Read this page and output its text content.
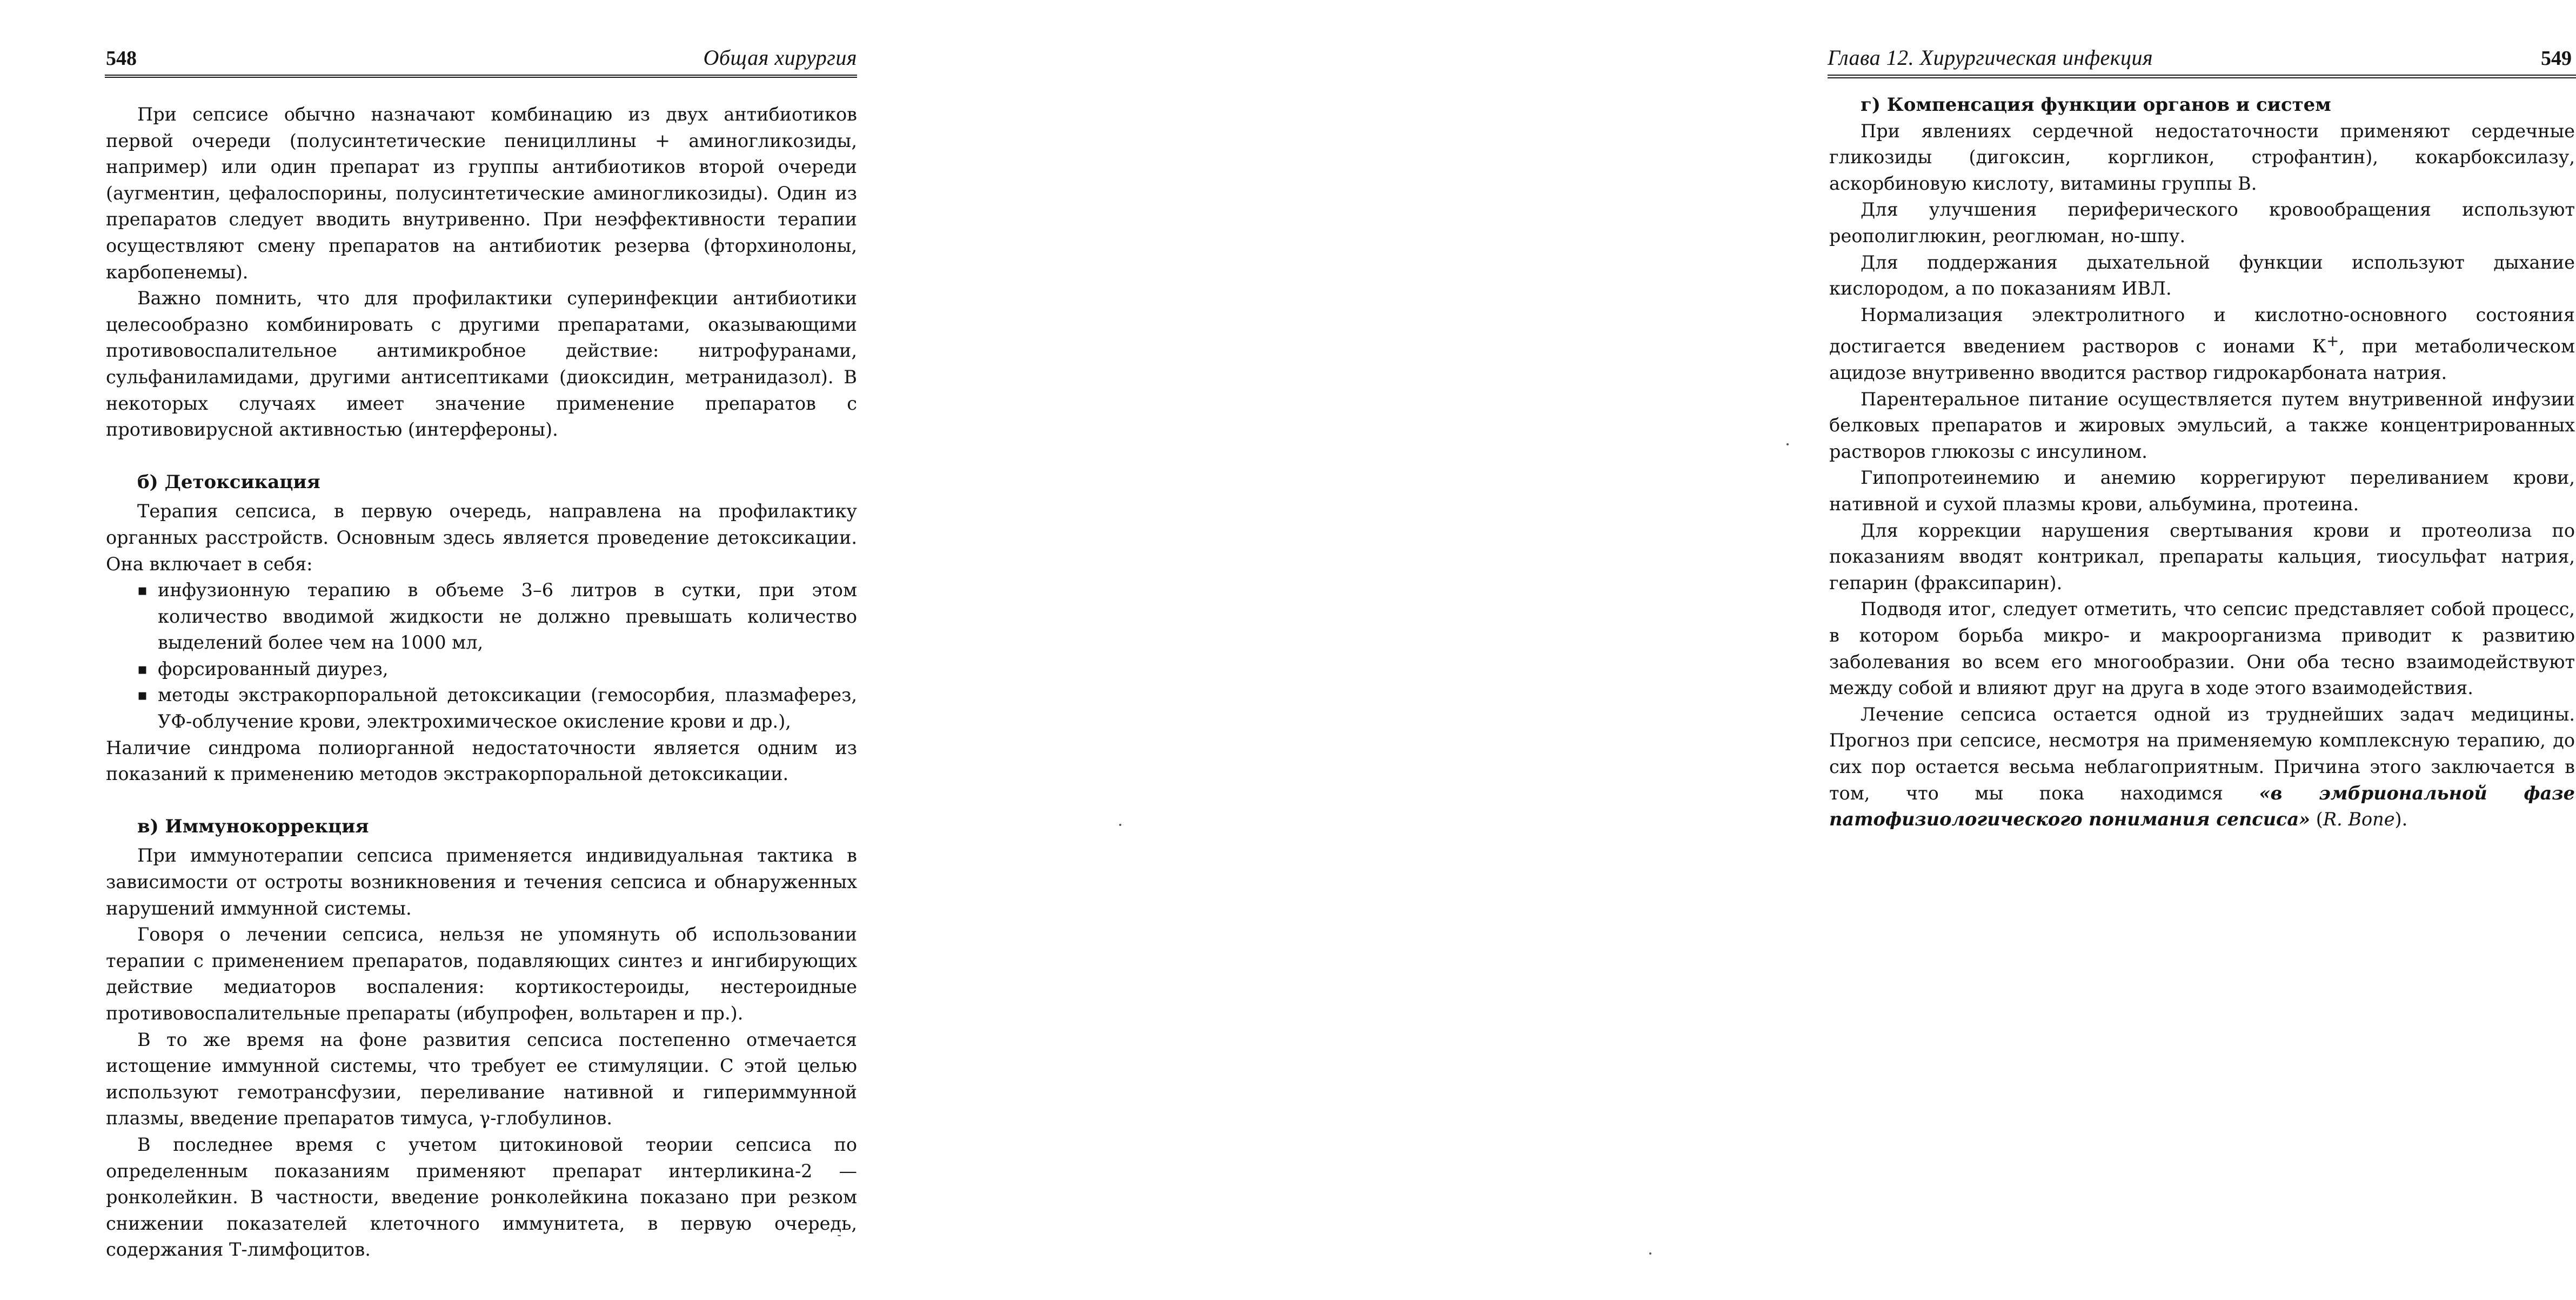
548	Общая хирургия

При сепсисе обычно назначают комбинацию из двух антибиотиков первой очереди (полусинтетические пенициллины + аминогликозиды, например) или один препарат из группы антибиотиков второй очереди (аугментин, цефалоспорины, полусинтетические аминогликозиды). Один из препаратов следует вводить внутривенно. При неэффективности терапии осуществляют смену препаратов на антибиотик резерва (фторхинолоны, карбопенемы).

Важно помнить, что для профилактики суперинфекции антибиотики целесообразно комбинировать с другими препаратами, оказывающими противовоспалительное антимикробное действие: нитрофуранами, сульфаниламидами, другими антисептиками (диоксидин, метранидазол). В некоторых случаях имеет значение применение препаратов с противовирусной активностью (интерфероны).

б) Детоксикация

Терапия сепсиса, в первую очередь, направлена на профилактику органных расстройств. Основным здесь является проведение детоксикации. Она включает в себя:

▪ инфузионную терапию в объеме 3–6 литров в сутки, при этом количество вводимой жидкости не должно превышать количество выделений более чем на 1000 мл,
▪ форсированный диурез,
▪ методы экстракорпоральной детоксикации (гемосорбия, плазмаферез, УФ-облучение крови, электрохимическое окисление крови и др.),

Наличие синдрома полиорганной недостаточности является одним из показаний к применению методов экстракорпоральной детоксикации.

в) Иммунокоррекция

При иммунотерапии сепсиса применяется индивидуальная тактика в зависимости от остроты возникновения и течения сепсиса и обнаруженных нарушений иммунной системы.

Говоря о лечении сепсиса, нельзя не упомянуть об использовании терапии с применением препаратов, подавляющих синтез и ингибирующих действие медиаторов воспаления: кортикостероиды, нестероидные противовоспалительные препараты (ибупрофен, вольтарен и пр.).

В то же время на фоне развития сепсиса постепенно отмечается истощение иммунной системы, что требует ее стимуляции. С этой целью используют гемотрансфузии, переливание нативной и гипериммунной плазмы, введение препаратов тимуса, γ-глобулинов.

В последнее время с учетом цитокиновой теории сепсиса по определенным показаниям применяют препарат интерликина-2 — ронколейкин. В частности, введение ронколейкина показано при резком снижении показателей клеточного иммунитета, в первую очередь, содержания Т-лимфоцитов.

Глава 12. Хирургическая инфекция	549
г) Компенсация функции органов и систем

При явлениях сердечной недостаточности применяют сердечные гликозиды (дигоксин, коргликон, строфантин), кокарбоксилазу, аскорбиновую кислоту, витамины группы В.

Для улучшения периферического кровообращения используют реополиглюкин, реоглюман, но-шпу.

Для поддержания дыхательной функции используют дыхание кислородом, а по показаниям ИВЛ.

Нормализация электролитного и кислотно-основного состояния достигается введением растворов с ионами К+, при метаболическом ацидозе внутривенно вводится раствор гидрокарбоната натрия.

Парентеральное питание осуществляется путем внутривенной инфузии белковых препаратов и жировых эмульсий, а также концентрированных растворов глюкозы с инсулином.

Гипопротеинемию и анемию коррегируют переливанием крови, нативной и сухой плазмы крови, альбумина, протеина.

Для коррекции нарушения свертывания крови и протеолиза по показаниям вводят контрикал, препараты кальция, тиосульфат натрия, гепарин (фраксипарин).

Подводя итог, следует отметить, что сепсис представляет собой процесс, в котором борьба микро- и макроорганизма приводит к развитию заболевания во всем его многообразии. Они оба тесно взаимодействуют между собой и влияют друг на друга в ходе этого взаимодействия.

Лечение сепсиса остается одной из труднейших задач медицины. Прогноз при сепсисе, несмотря на применяемую комплексную терапию, до сих пор остается весьма неблагоприятным. Причина этого заключается в том, что мы пока находимся «в эмбриональной фазе патофизиологического понимания сепсиса» (R. Bone).
